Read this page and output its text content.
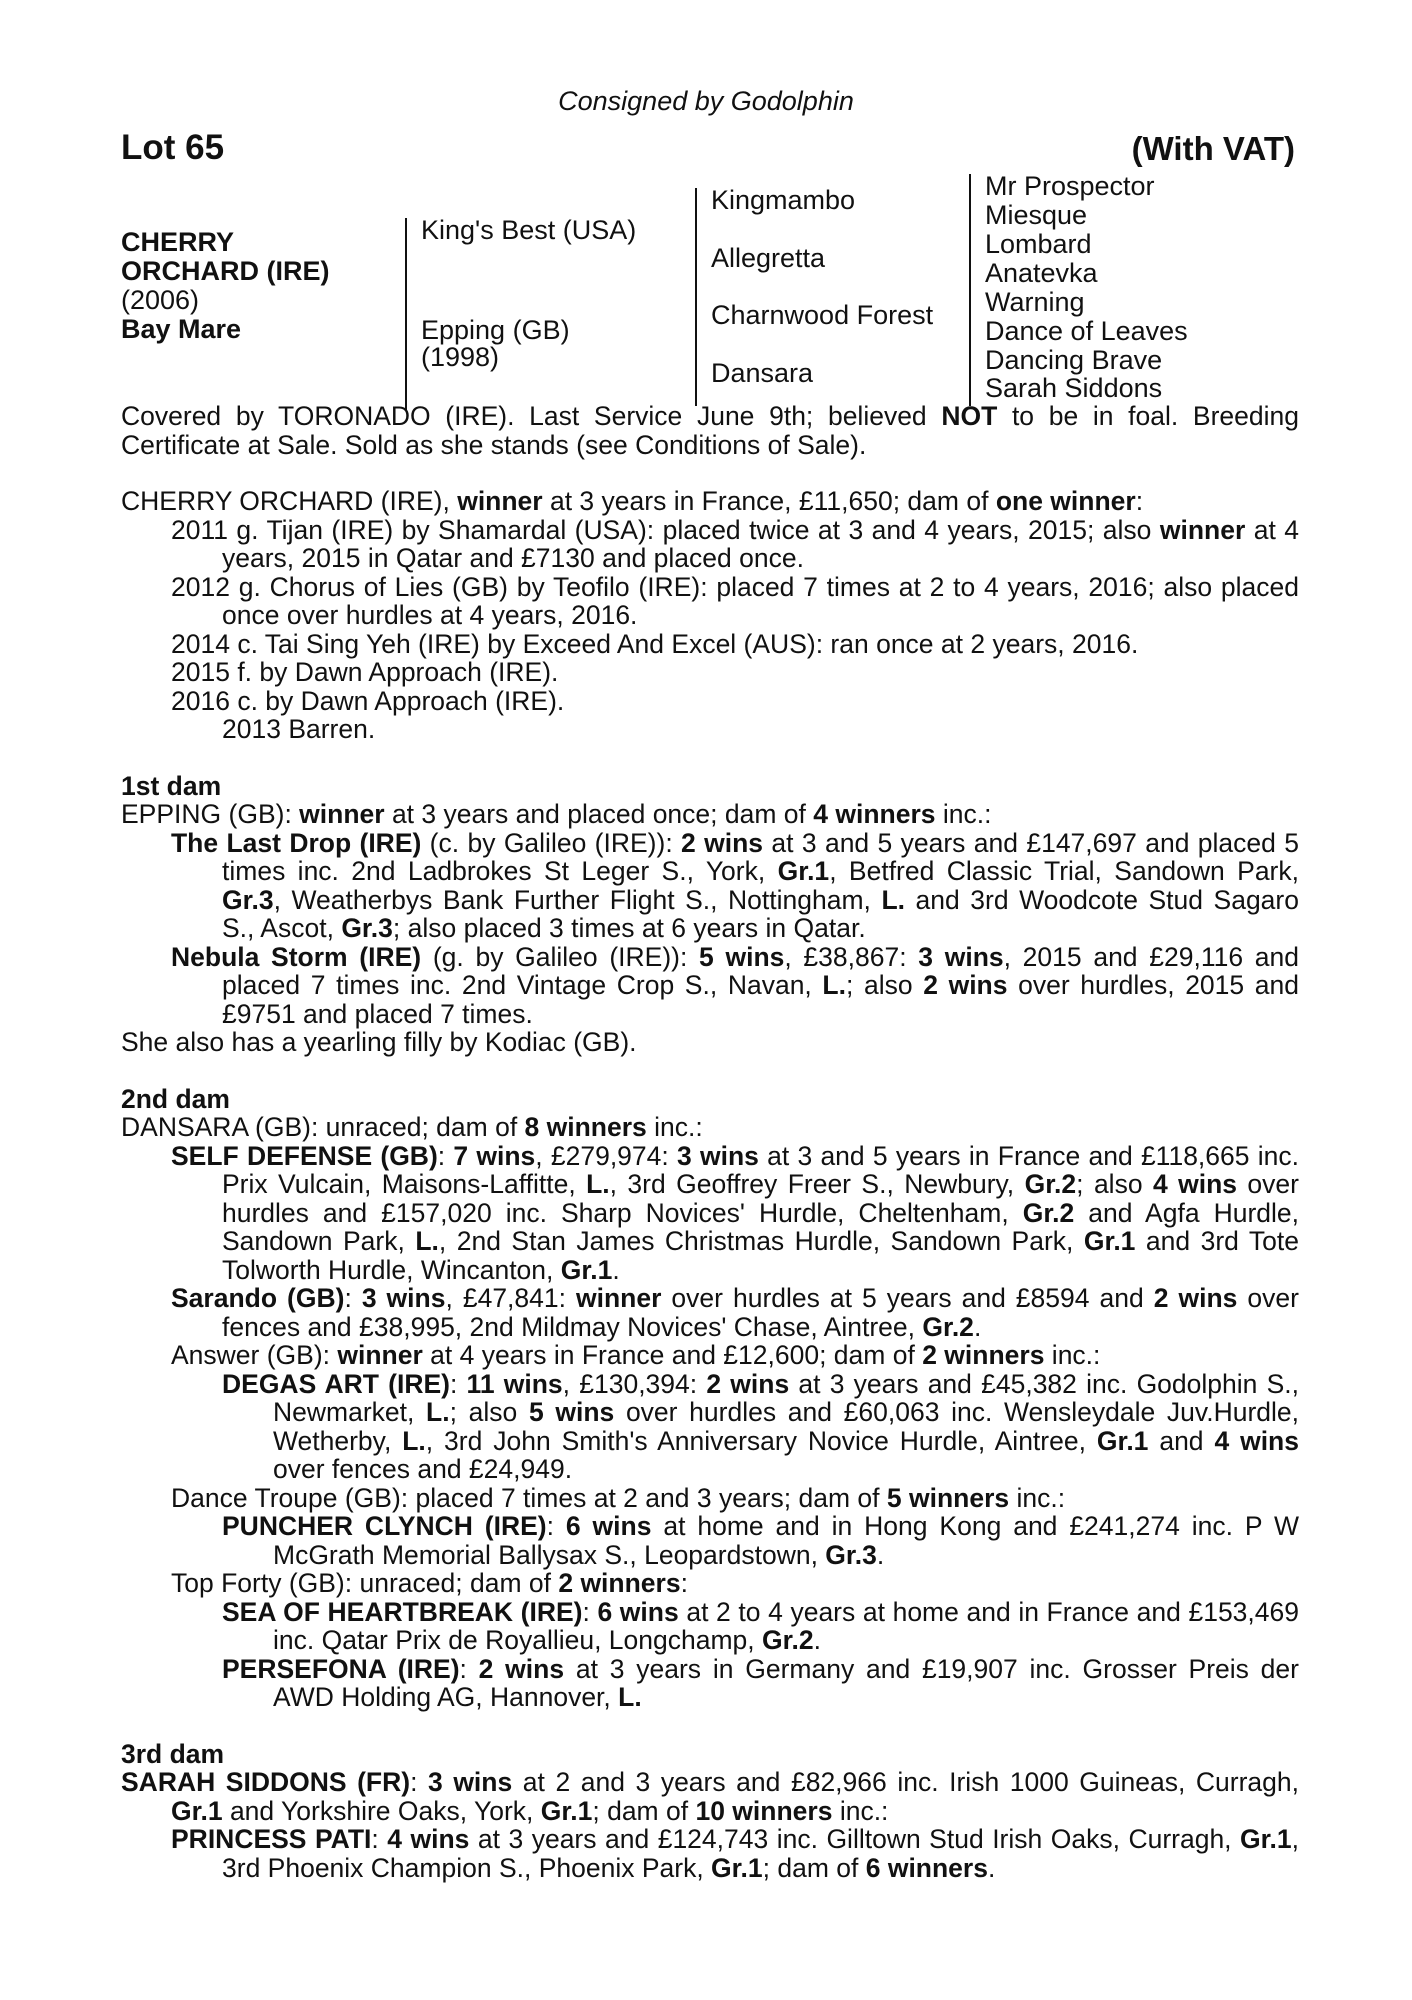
Consigned by Godolphin
Lot 65	(With VAT)
CHERRY
ORCHARD (IRE)
(2006)
Bay Mare
King's Best (USA)
Epping (GB)
(1998)
Kingmambo
Allegretta
Charnwood Forest
Dansara
Mr Prospector
Miesque
Lombard
Anatevka
Warning
Dance of Leaves
Dancing Brave
Sarah Siddons

Covered by TORONADO (IRE). Last Service June 9th; believed NOT to be in foal. Breeding Certificate at Sale. Sold as she stands (see Conditions of Sale).

CHERRY ORCHARD (IRE), winner at 3 years in France, £11,650; dam of one winner:

2011 g. Tijan (IRE) by Shamardal (USA): placed twice at 3 and 4 years, 2015; also winner at 4 years, 2015 in Qatar and £7130 and placed once.

2012 g. Chorus of Lies (GB) by Teofilo (IRE): placed 7 times at 2 to 4 years, 2016; also placed once over hurdles at 4 years, 2016.

2014 c. Tai Sing Yeh (IRE) by Exceed And Excel (AUS): ran once at 2 years, 2016.

2015 f. by Dawn Approach (IRE).

2016 c. by Dawn Approach (IRE).

2013 Barren.

1st dam

EPPING (GB): winner at 3 years and placed once; dam of 4 winners inc.:

The Last Drop (IRE) (c. by Galileo (IRE)): 2 wins at 3 and 5 years and £147,697 and placed 5 times inc. 2nd Ladbrokes St Leger S., York, Gr.1, Betfred Classic Trial, Sandown Park, Gr.3, Weatherbys Bank Further Flight S., Nottingham, L. and 3rd Woodcote Stud Sagaro S., Ascot, Gr.3; also placed 3 times at 6 years in Qatar.

Nebula Storm (IRE) (g. by Galileo (IRE)): 5 wins, £38,867: 3 wins, 2015 and £29,116 and placed 7 times inc. 2nd Vintage Crop S., Navan, L.; also 2 wins over hurdles, 2015 and £9751 and placed 7 times.

She also has a yearling filly by Kodiac (GB).

2nd dam

DANSARA (GB): unraced; dam of 8 winners inc.:

SELF DEFENSE (GB): 7 wins, £279,974: 3 wins at 3 and 5 years in France and £118,665 inc. Prix Vulcain, Maisons-Laffitte, L., 3rd Geoffrey Freer S., Newbury, Gr.2; also 4 wins over hurdles and £157,020 inc. Sharp Novices' Hurdle, Cheltenham, Gr.2 and Agfa Hurdle, Sandown Park, L., 2nd Stan James Christmas Hurdle, Sandown Park, Gr.1 and 3rd Tote Tolworth Hurdle, Wincanton, Gr.1.

Sarando (GB): 3 wins, £47,841: winner over hurdles at 5 years and £8594 and 2 wins over fences and £38,995, 2nd Mildmay Novices' Chase, Aintree, Gr.2.

Answer (GB): winner at 4 years in France and £12,600; dam of 2 winners inc.:

DEGAS ART (IRE): 11 wins, £130,394: 2 wins at 3 years and £45,382 inc. Godolphin S., Newmarket, L.; also 5 wins over hurdles and £60,063 inc. Wensleydale Juv.Hurdle, Wetherby, L., 3rd John Smith's Anniversary Novice Hurdle, Aintree, Gr.1 and 4 wins over fences and £24,949.

Dance Troupe (GB): placed 7 times at 2 and 3 years; dam of 5 winners inc.:

PUNCHER CLYNCH (IRE): 6 wins at home and in Hong Kong and £241,274 inc. P W McGrath Memorial Ballysax S., Leopardstown, Gr.3.

Top Forty (GB): unraced; dam of 2 winners:

SEA OF HEARTBREAK (IRE): 6 wins at 2 to 4 years at home and in France and £153,469 inc. Qatar Prix de Royallieu, Longchamp, Gr.2.

PERSEFONA (IRE): 2 wins at 3 years in Germany and £19,907 inc. Grosser Preis der AWD Holding AG, Hannover, L.

3rd dam

SARAH SIDDONS (FR): 3 wins at 2 and 3 years and £82,966 inc. Irish 1000 Guineas, Curragh, Gr.1 and Yorkshire Oaks, York, Gr.1; dam of 10 winners inc.:

PRINCESS PATI: 4 wins at 3 years and £124,743 inc. Gilltown Stud Irish Oaks, Curragh, Gr.1, 3rd Phoenix Champion S., Phoenix Park, Gr.1; dam of 6 winners.
